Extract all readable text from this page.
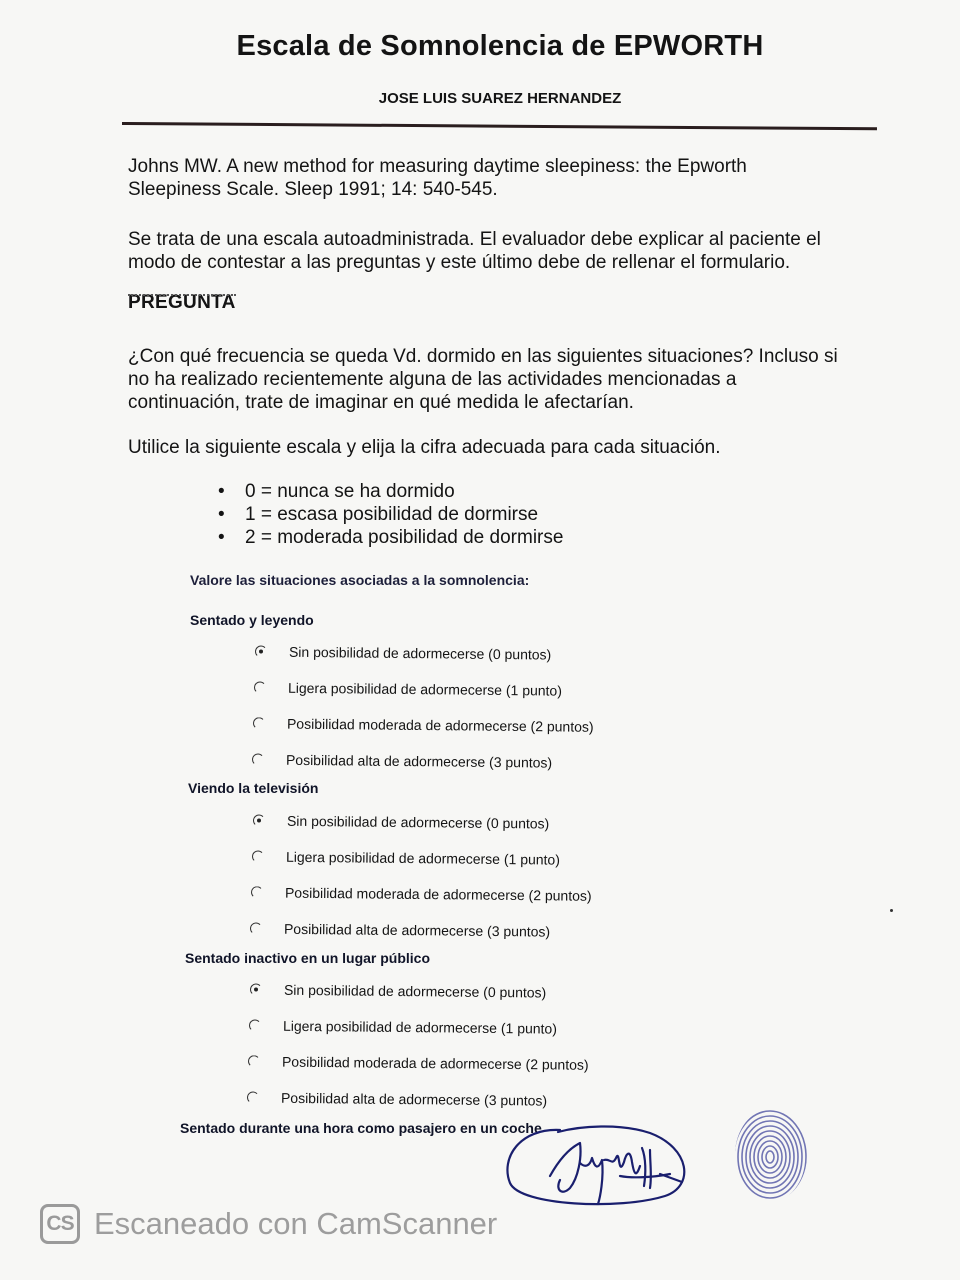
Escala de Somnolencia de EPWORTH
JOSE LUIS SUAREZ HERNANDEZ
Johns MW. A new method for measuring daytime sleepiness: the Epworth
Sleepiness Scale. Sleep 1991; 14: 540-545.
Se trata de una escala autoadministrada. El evaluador debe explicar al paciente el
modo de contestar a las preguntas y este último debe de rellenar el formulario.
PREGUNTA
¿Con qué frecuencia se queda Vd. dormido en las siguientes situaciones? Incluso si
no ha realizado recientemente alguna de las actividades mencionadas a
continuación, trate de imaginar en qué medida le afectarían.
Utilice la siguiente escala y elija la cifra adecuada para cada situación.
• 0 = nunca se ha dormido
• 1 = escasa posibilidad de dormirse
• 2 = moderada posibilidad de dormirse
Valore las situaciones asociadas a la somnolencia:
Sentado y leyendo
Sin posibilidad de adormecerse (0 puntos)
Ligera posibilidad de adormecerse (1 punto)
Posibilidad moderada de adormecerse (2 puntos)
Posibilidad alta de adormecerse (3 puntos)
Viendo la televisión
Sin posibilidad de adormecerse (0 puntos)
Ligera posibilidad de adormecerse (1 punto)
Posibilidad moderada de adormecerse (2 puntos)
Posibilidad alta de adormecerse (3 puntos)
Sentado inactivo en un lugar público
Sin posibilidad de adormecerse (0 puntos)
Ligera posibilidad de adormecerse (1 punto)
Posibilidad moderada de adormecerse (2 puntos)
Posibilidad alta de adormecerse (3 puntos)
Sentado durante una hora como pasajero en un coche
CS Escaneado con CamScanner
